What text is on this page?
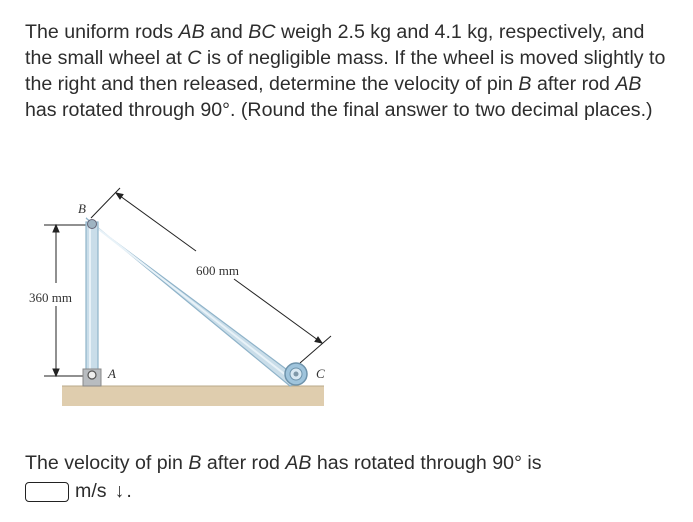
The uniform rods AB and BC weigh 2.5 kg and 4.1 kg, respectively, and the small wheel at C is of negligible mass. If the wheel is moved slightly to the right and then released, determine the velocity of pin B after rod AB has rotated through 90°. (Round the final answer to two decimal places.)

360 mm
600 mm
B
A	C

The velocity of pin B after rod AB has rotated through 90° is

m/s ↓ .
